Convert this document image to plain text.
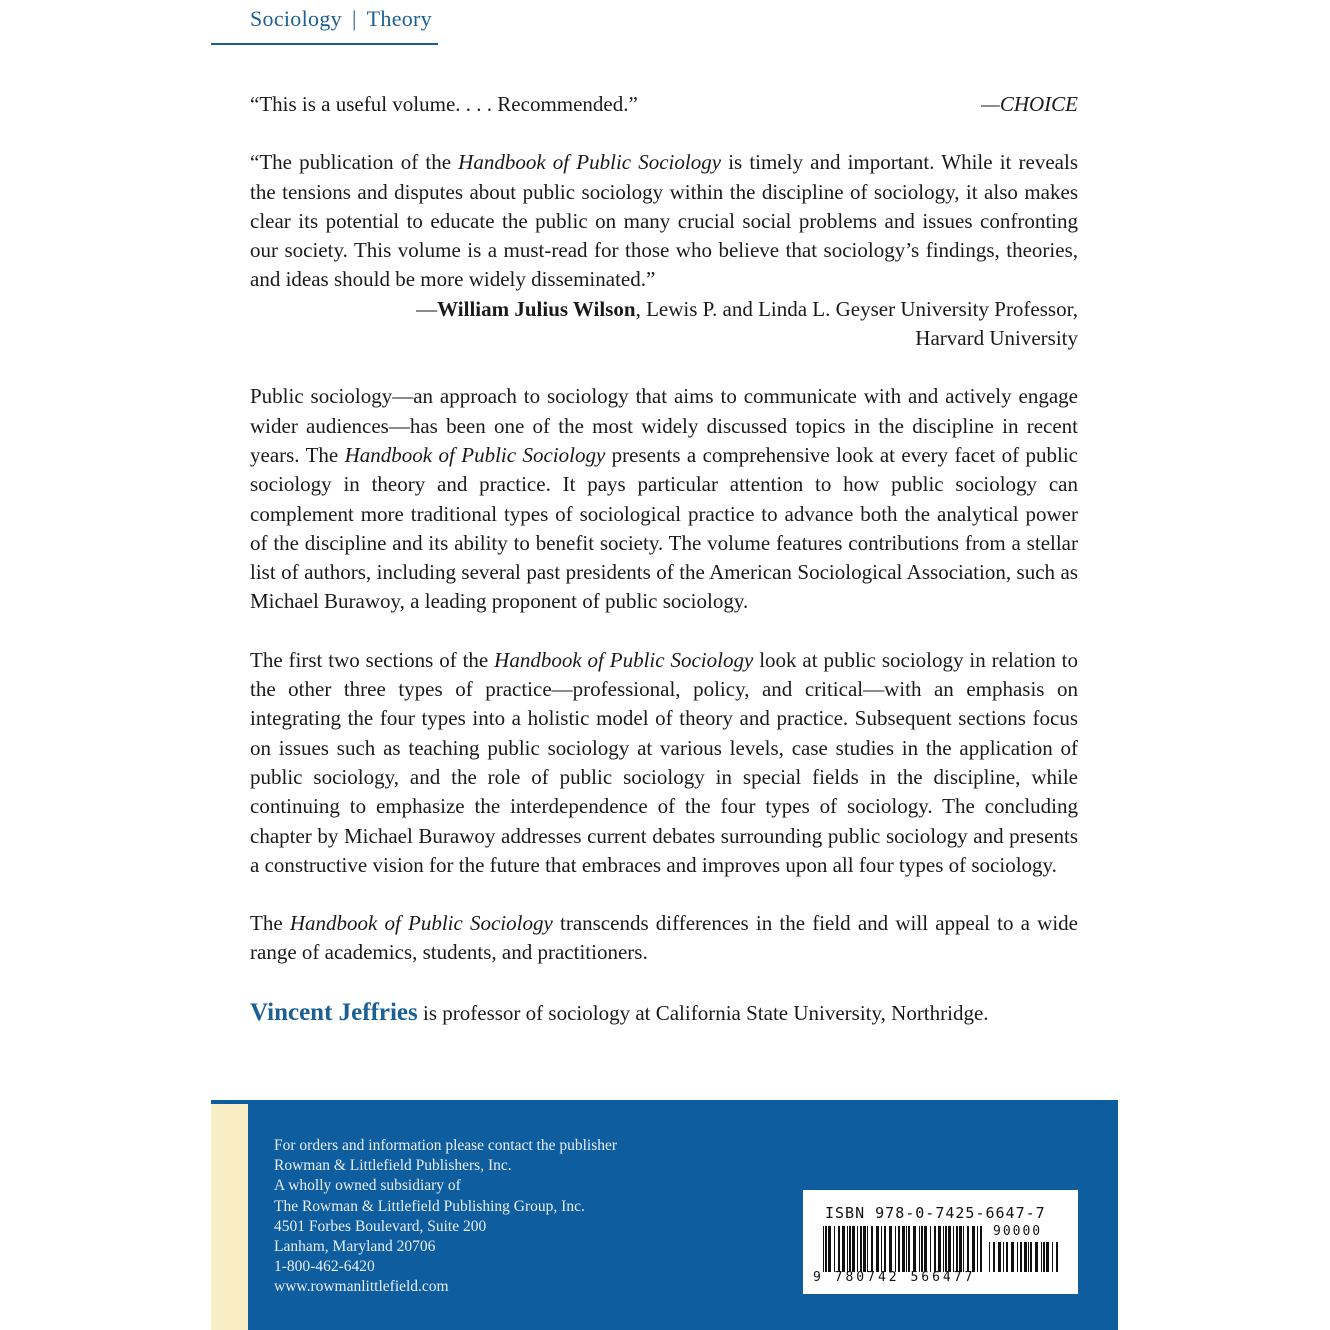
Sociology | Theory

“This is a useful volume. . . . Recommended.”	—CHOICE

“The publication of the Handbook of Public Sociology is timely and important. While it reveals the tensions and disputes about public sociology within the discipline of sociology, it also makes clear its potential to educate the public on many crucial social problems and issues confronting our society. This volume is a must-read for those who believe that sociology’s findings, theories, and ideas should be more widely disseminated.”

—William Julius Wilson, Lewis P. and Linda L. Geyser University Professor,

Harvard University

Public sociology—an approach to sociology that aims to communicate with and actively engage wider audiences—has been one of the most widely discussed topics in the discipline in recent years. The Handbook of Public Sociology presents a comprehensive look at every facet of public sociology in theory and practice. It pays particular attention to how public sociology can complement more traditional types of sociological practice to advance both the analytical power of the discipline and its ability to benefit society. The volume features contributions from a stellar list of authors, including several past presidents of the American Sociological Association, such as Michael Burawoy, a leading proponent of public sociology.

The first two sections of the Handbook of Public Sociology look at public sociology in relation to the other three types of practice—professional, policy, and critical—with an emphasis on integrating the four types into a holistic model of theory and practice. Subsequent sections focus on issues such as teaching public sociology at various levels, case studies in the application of public sociology, and the role of public sociology in special fields in the discipline, while continuing to emphasize the interdependence of the four types of sociology. The concluding chapter by Michael Burawoy addresses current debates surrounding public sociology and presents a constructive vision for the future that embraces and improves upon all four types of sociology.

The Handbook of Public Sociology transcends differences in the field and will appeal to a wide range of academics, students, and practitioners.

Vincent Jeffries is professor of sociology at California State University, Northridge.

For orders and information please contact the publisher
Rowman & Littlefield Publishers, Inc.
A wholly owned subsidiary of
The Rowman & Littlefield Publishing Group, Inc.
4501 Forbes Boulevard, Suite 200
Lanham, Maryland 20706
1-800-462-6420
www.rowmanlittlefield.com
ISBN 978-0-7425-6647-7
90000
9 780742 566477
